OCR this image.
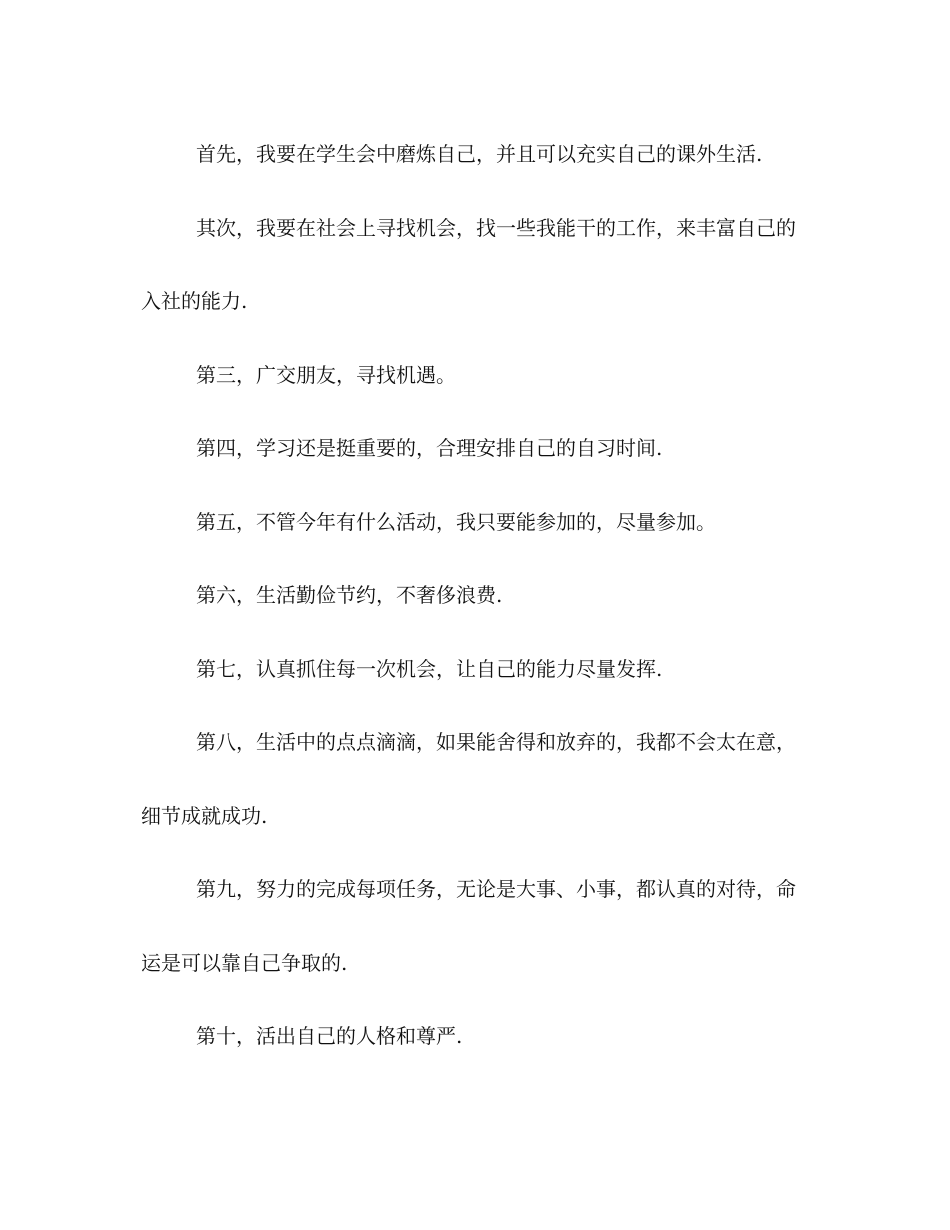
首先，我要在学生会中磨炼自己，并且可以充实自己的课外生活.

其次，我要在社会上寻找机会，找一些我能干的工作，来丰富自己的入社的能力.

第三，广交朋友，寻找机遇。

第四，学习还是挺重要的，合理安排自己的自习时间.

第五，不管今年有什么活动，我只要能参加的，尽量参加。

第六，生活勤俭节约，不奢侈浪费.

第七，认真抓住每一次机会，让自己的能力尽量发挥.

第八，生活中的点点滴滴，如果能舍得和放弃的，我都不会太在意，细节成就成功.

第九，努力的完成每项任务，无论是大事、小事，都认真的对待，命运是可以靠自己争取的.

第十，活出自己的人格和尊严.
